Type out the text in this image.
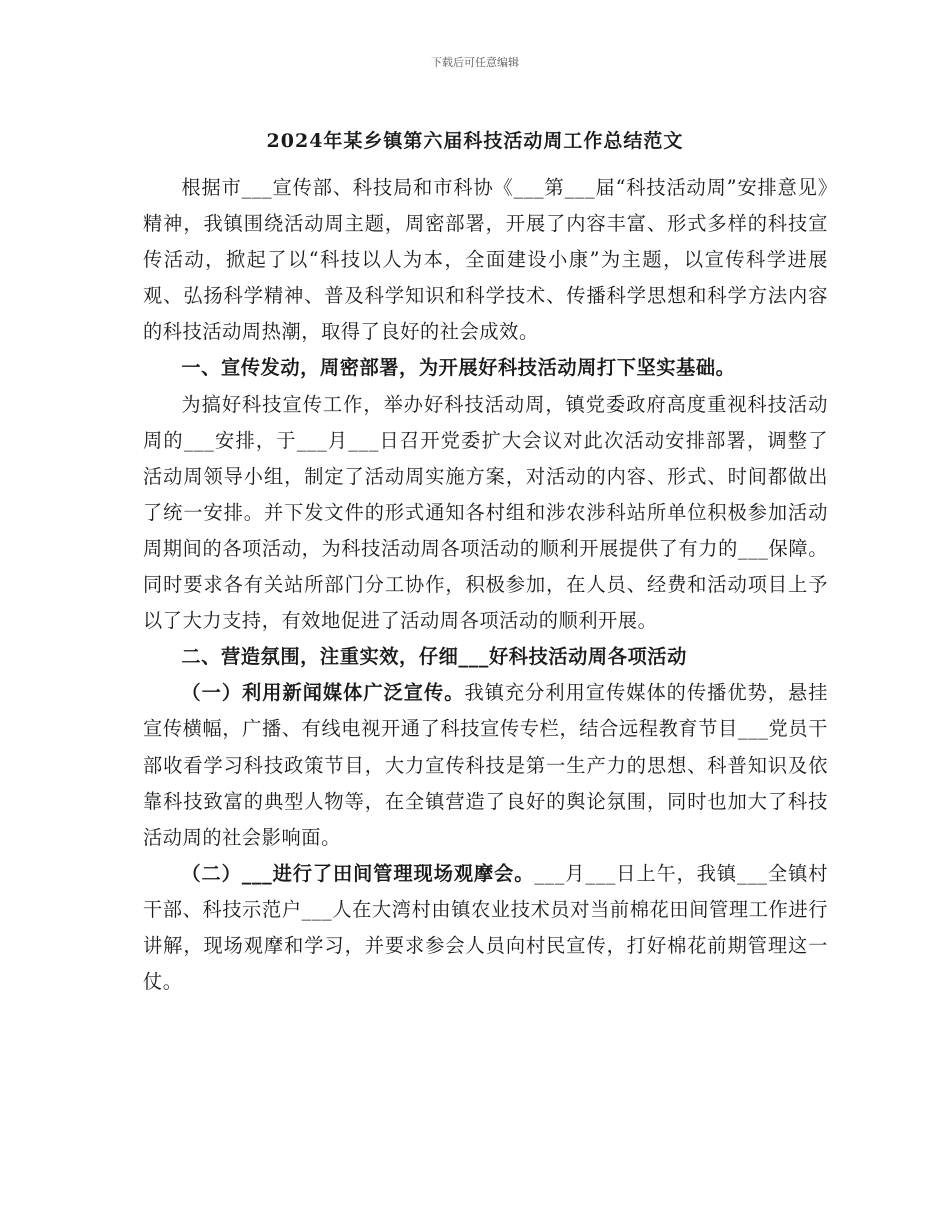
下载后可任意编辑
2024年某乡镇第六届科技活动周工作总结范文

根据市___宣传部、科技局和市科协《___第___届“科技活动周”安排意见》精神，我镇围绕活动周主题，周密部署，开展了内容丰富、形式多样的科技宣传活动，掀起了以“科技以人为本，全面建设小康”为主题，以宣传科学进展观、弘扬科学精神、普及科学知识和科学技术、传播科学思想和科学方法内容的科技活动周热潮，取得了良好的社会成效。

一、宣传发动，周密部署，为开展好科技活动周打下坚实基础。

为搞好科技宣传工作，举办好科技活动周，镇党委政府高度重视科技活动周的___安排，于___月___日召开党委扩大会议对此次活动安排部署，调整了活动周领导小组，制定了活动周实施方案，对活动的内容、形式、时间都做出了统一安排。并下发文件的形式通知各村组和涉农涉科站所单位积极参加活动周期间的各项活动，为科技活动周各项活动的顺利开展提供了有力的___保障。同时要求各有关站所部门分工协作，积极参加，在人员、经费和活动项目上予以了大力支持，有效地促进了活动周各项活动的顺利开展。

二、营造氛围，注重实效，仔细___好科技活动周各项活动

（一）利用新闻媒体广泛宣传。我镇充分利用宣传媒体的传播优势，悬挂宣传横幅，广播、有线电视开通了科技宣传专栏，结合远程教育节目___党员干部收看学习科技政策节目，大力宣传科技是第一生产力的思想、科普知识及依靠科技致富的典型人物等，在全镇营造了良好的舆论氛围，同时也加大了科技活动周的社会影响面。

（二）___进行了田间管理现场观摩会。___月___日上午，我镇___全镇村干部、科技示范户___人在大湾村由镇农业技术员对当前棉花田间管理工作进行讲解，现场观摩和学习，并要求参会人员向村民宣传，打好棉花前期管理这一仗。
